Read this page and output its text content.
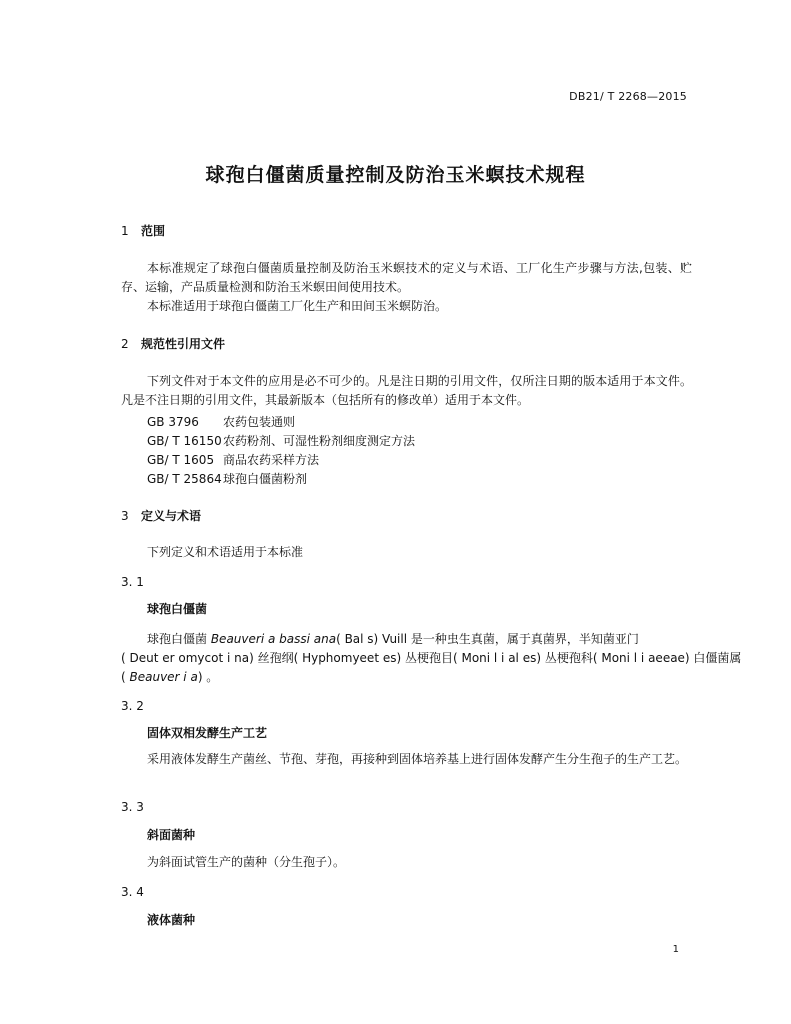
DB21/ T 2268—2015
球孢白僵菌质量控制及防治玉米螟技术规程
1 范围

本标准规定了球孢白僵菌质量控制及防治玉米螟技术的定义与术语、工厂化生产步骤与方法,包装、贮存、运输，产品质量检测和防治玉米螟田间使用技术。

本标准适用于球孢白僵菌工厂化生产和田间玉米螟防治。

2 规范性引用文件

下列文件对于本文件的应用是必不可少的。凡是注日期的引用文件，仅所注日期的版本适用于本文件。凡是不注日期的引用文件，其最新版本（包括所有的修改单）适用于本文件。

GB 3796 农药包装通则
GB/ T 16150农药粉剂、可湿性粉剂细度测定方法
GB/ T 1605 商品农药采样方法
GB/ T 25864球孢白僵菌粉剂
3 定义与术语

下列定义和术语适用于本标准

3. 1
球孢白僵菌
球孢白僵菌 Beauveri a bassi ana( Bal s) Vuill 是一种虫生真菌，属于真菌界，半知菌亚门
( Deut er omycot i na) 丝孢纲( Hyphomyeet es) 丛梗孢目( Moni l i al es) 丛梗孢科( Moni l i aeeae) 白僵菌属
( Beauver i a) 。
3. 2
固体双相发酵生产工艺

采用液体发酵生产菌丝、节孢、芽孢，再接种到固体培养基上进行固体发酵产生分生孢子的生产工艺。

3. 3
斜面菌种

为斜面试管生产的菌种（分生孢子）。

3. 4
液体菌种
1
